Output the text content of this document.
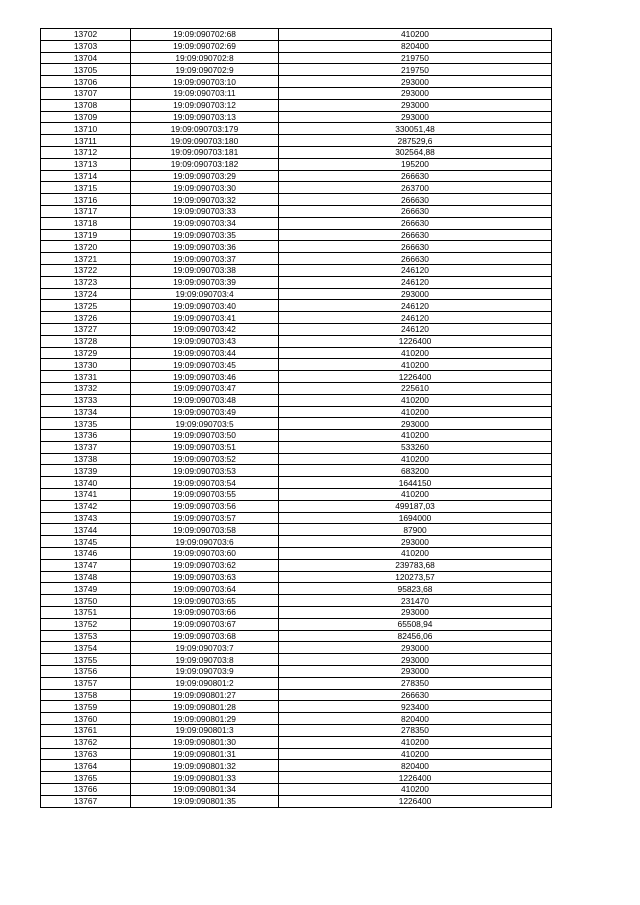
13702	19:09:090702:68	410200
13703	19:09:090702:69	820400
13704	19:09:090702:8	219750
13705	19:09:090702:9	219750
13706	19:09:090703:10	293000
13707	19:09:090703:11	293000
13708	19:09:090703:12	293000
13709	19:09:090703:13	293000
13710	19:09:090703:179	330051,48
13711	19:09:090703:180	287529,6
13712	19:09:090703:181	302564,88
13713	19:09:090703:182	195200
13714	19:09:090703:29	266630
13715	19:09:090703:30	263700
13716	19:09:090703:32	266630
13717	19:09:090703:33	266630
13718	19:09:090703:34	266630
13719	19:09:090703:35	266630
13720	19:09:090703:36	266630
13721	19:09:090703:37	266630
13722	19:09:090703:38	246120
13723	19:09:090703:39	246120
13724	19:09:090703:4	293000
13725	19:09:090703:40	246120
13726	19:09:090703:41	246120
13727	19:09:090703:42	246120
13728	19:09:090703:43	1226400
13729	19:09:090703:44	410200
13730	19:09:090703:45	410200
13731	19:09:090703:46	1226400
13732	19:09:090703:47	225610
13733	19:09:090703:48	410200
13734	19:09:090703:49	410200
13735	19:09:090703:5	293000
13736	19:09:090703:50	410200
13737	19:09:090703:51	533260
13738	19:09:090703:52	410200
13739	19:09:090703:53	683200
13740	19:09:090703:54	1644150
13741	19:09:090703:55	410200
13742	19:09:090703:56	499187,03
13743	19:09:090703:57	1694000
13744	19:09:090703:58	87900
13745	19:09:090703:6	293000
13746	19:09:090703:60	410200
13747	19:09:090703:62	239783,68
13748	19:09:090703:63	120273,57
13749	19:09:090703:64	95823,68
13750	19:09:090703:65	231470
13751	19:09:090703:66	293000
13752	19:09:090703:67	65508,94
13753	19:09:090703:68	82456,06
13754	19:09:090703:7	293000
13755	19:09:090703:8	293000
13756	19:09:090703:9	293000
13757	19:09:090801:2	278350
13758	19:09:090801:27	266630
13759	19:09:090801:28	923400
13760	19:09:090801:29	820400
13761	19:09:090801:3	278350
13762	19:09:090801:30	410200
13763	19:09:090801:31	410200
13764	19:09:090801:32	820400
13765	19:09:090801:33	1226400
13766	19:09:090801:34	410200
13767	19:09:090801:35	1226400
